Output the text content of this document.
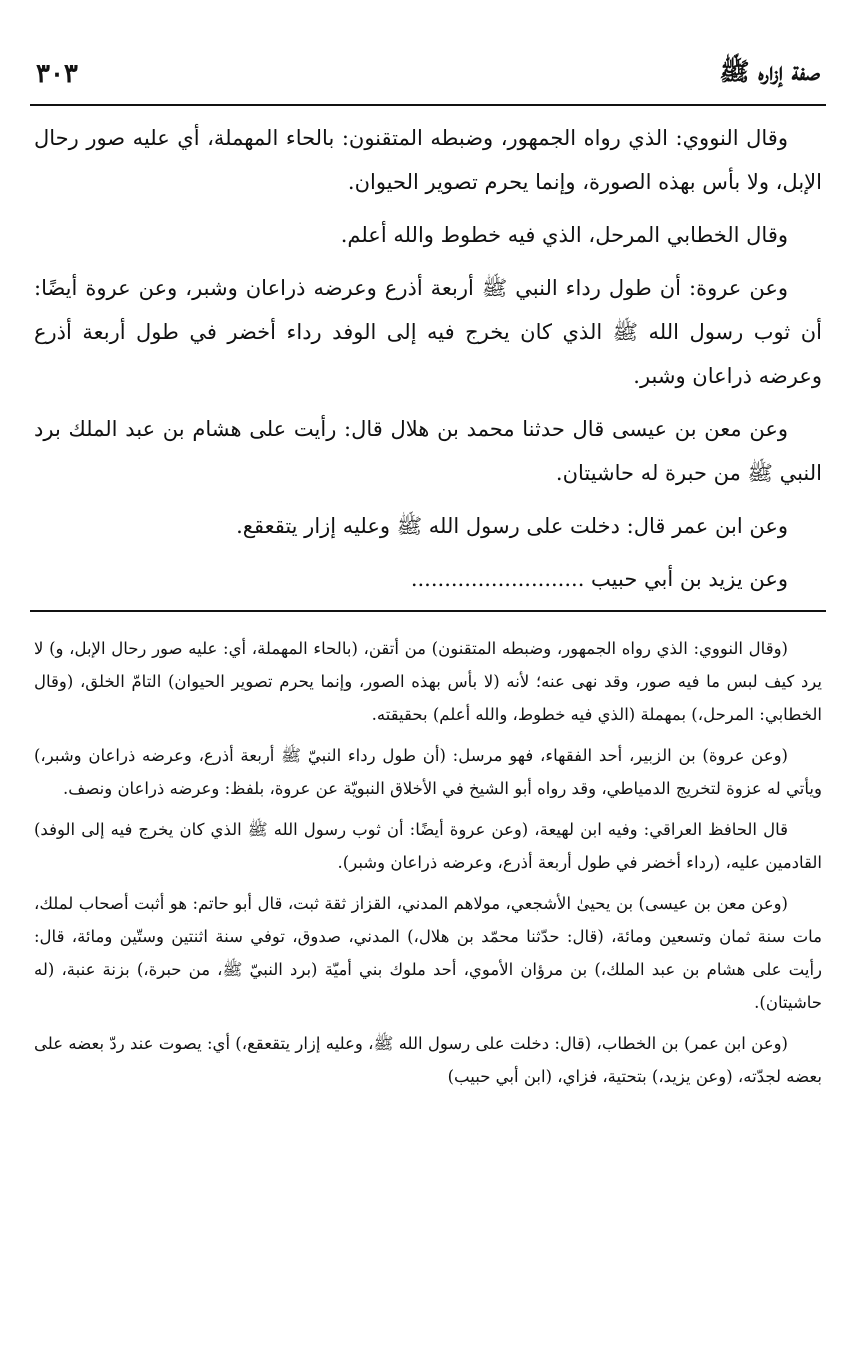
صفة إزاره ﷺ
٣٠٣

وقال النووي: الذي رواه الجمهور، وضبطه المتقنون: بالحاء المهملة، أي عليه صور رحال الإبل، ولا بأس بهذه الصورة، وإنما يحرم تصوير الحيوان.

وقال الخطابي المرحل، الذي فيه خطوط والله أعلم.

وعن عروة: أن طول رداء النبي ﷺ أربعة أذرع وعرضه ذراعان وشبر، وعن عروة أيضًا: أن ثوب رسول الله ﷺ الذي كان يخرج فيه إلى الوفد رداء أخضر في طول أربعة أذرع وعرضه ذراعان وشبر.

وعن معن بن عيسى قال حدثنا محمد بن هلال قال: رأيت على هشام بن عبد الملك برد النبي ﷺ من حبرة له حاشيتان.

وعن ابن عمر قال: دخلت على رسول الله ﷺ وعليه إزار يتقعقع.

وعن يزيد بن أبي حبيب ..........................

(وقال النووي: الذي رواه الجمهور، وضبطه المتقنون) من أتقن، (بالحاء المهملة، أي: عليه صور رحال الإبل، و) لا يرد كيف لبس ما فيه صور، وقد نهى عنه؛ لأنه (لا بأس بهذه الصور، وإنما يحرم تصوير الحيوان) التامّ الخلق، (وقال الخطابي: المرحل،) بمهملة (الذي فيه خطوط، والله أعلم) بحقيقته.

(وعن عروة) بن الزبير، أحد الفقهاء، فهو مرسل: (أن طول رداء النبيّ ﷺ أربعة أذرع، وعرضه ذراعان وشبر،) ويأتي له عزوة لتخريج الدمياطي، وقد رواه أبو الشيخ في الأخلاق النبويّة عن عروة، بلفظ: وعرضه ذراعان ونصف.

قال الحافظ العراقي: وفيه ابن لهيعة، (وعن عروة أيضًا: أن ثوب رسول الله ﷺ الذي كان يخرج فيه إلى الوفد) القادمين عليه، (رداء أخضر في طول أربعة أذرع، وعرضه ذراعان وشبر).

(وعن معن بن عيسى) بن يحيىٰ الأشجعي، مولاهم المدني، القزاز ثقة ثبت، قال أبو حاتم: هو أثبت أصحاب لملك، مات سنة ثمان وتسعين ومائة، (قال: حدّثنا محمّد بن هلال،) المدني، صدوق، توفي سنة اثنتين وستّين ومائة، قال: رأيت على هشام بن عبد الملك،) بن مرؤان الأموي، أحد ملوك بني أميّة (برد النبيّ ﷺ، من حبرة،) بزنة عنبة، (له حاشيتان).

(وعن ابن عمر) بن الخطاب، (قال: دخلت على رسول الله ﷺ، وعليه إزار يتقعقع،) أي: يصوت عند ردّ بعضه على بعضه لجدّته، (وعن يزيد،) بتحتية، فزاي، (ابن أبي حبيب)
